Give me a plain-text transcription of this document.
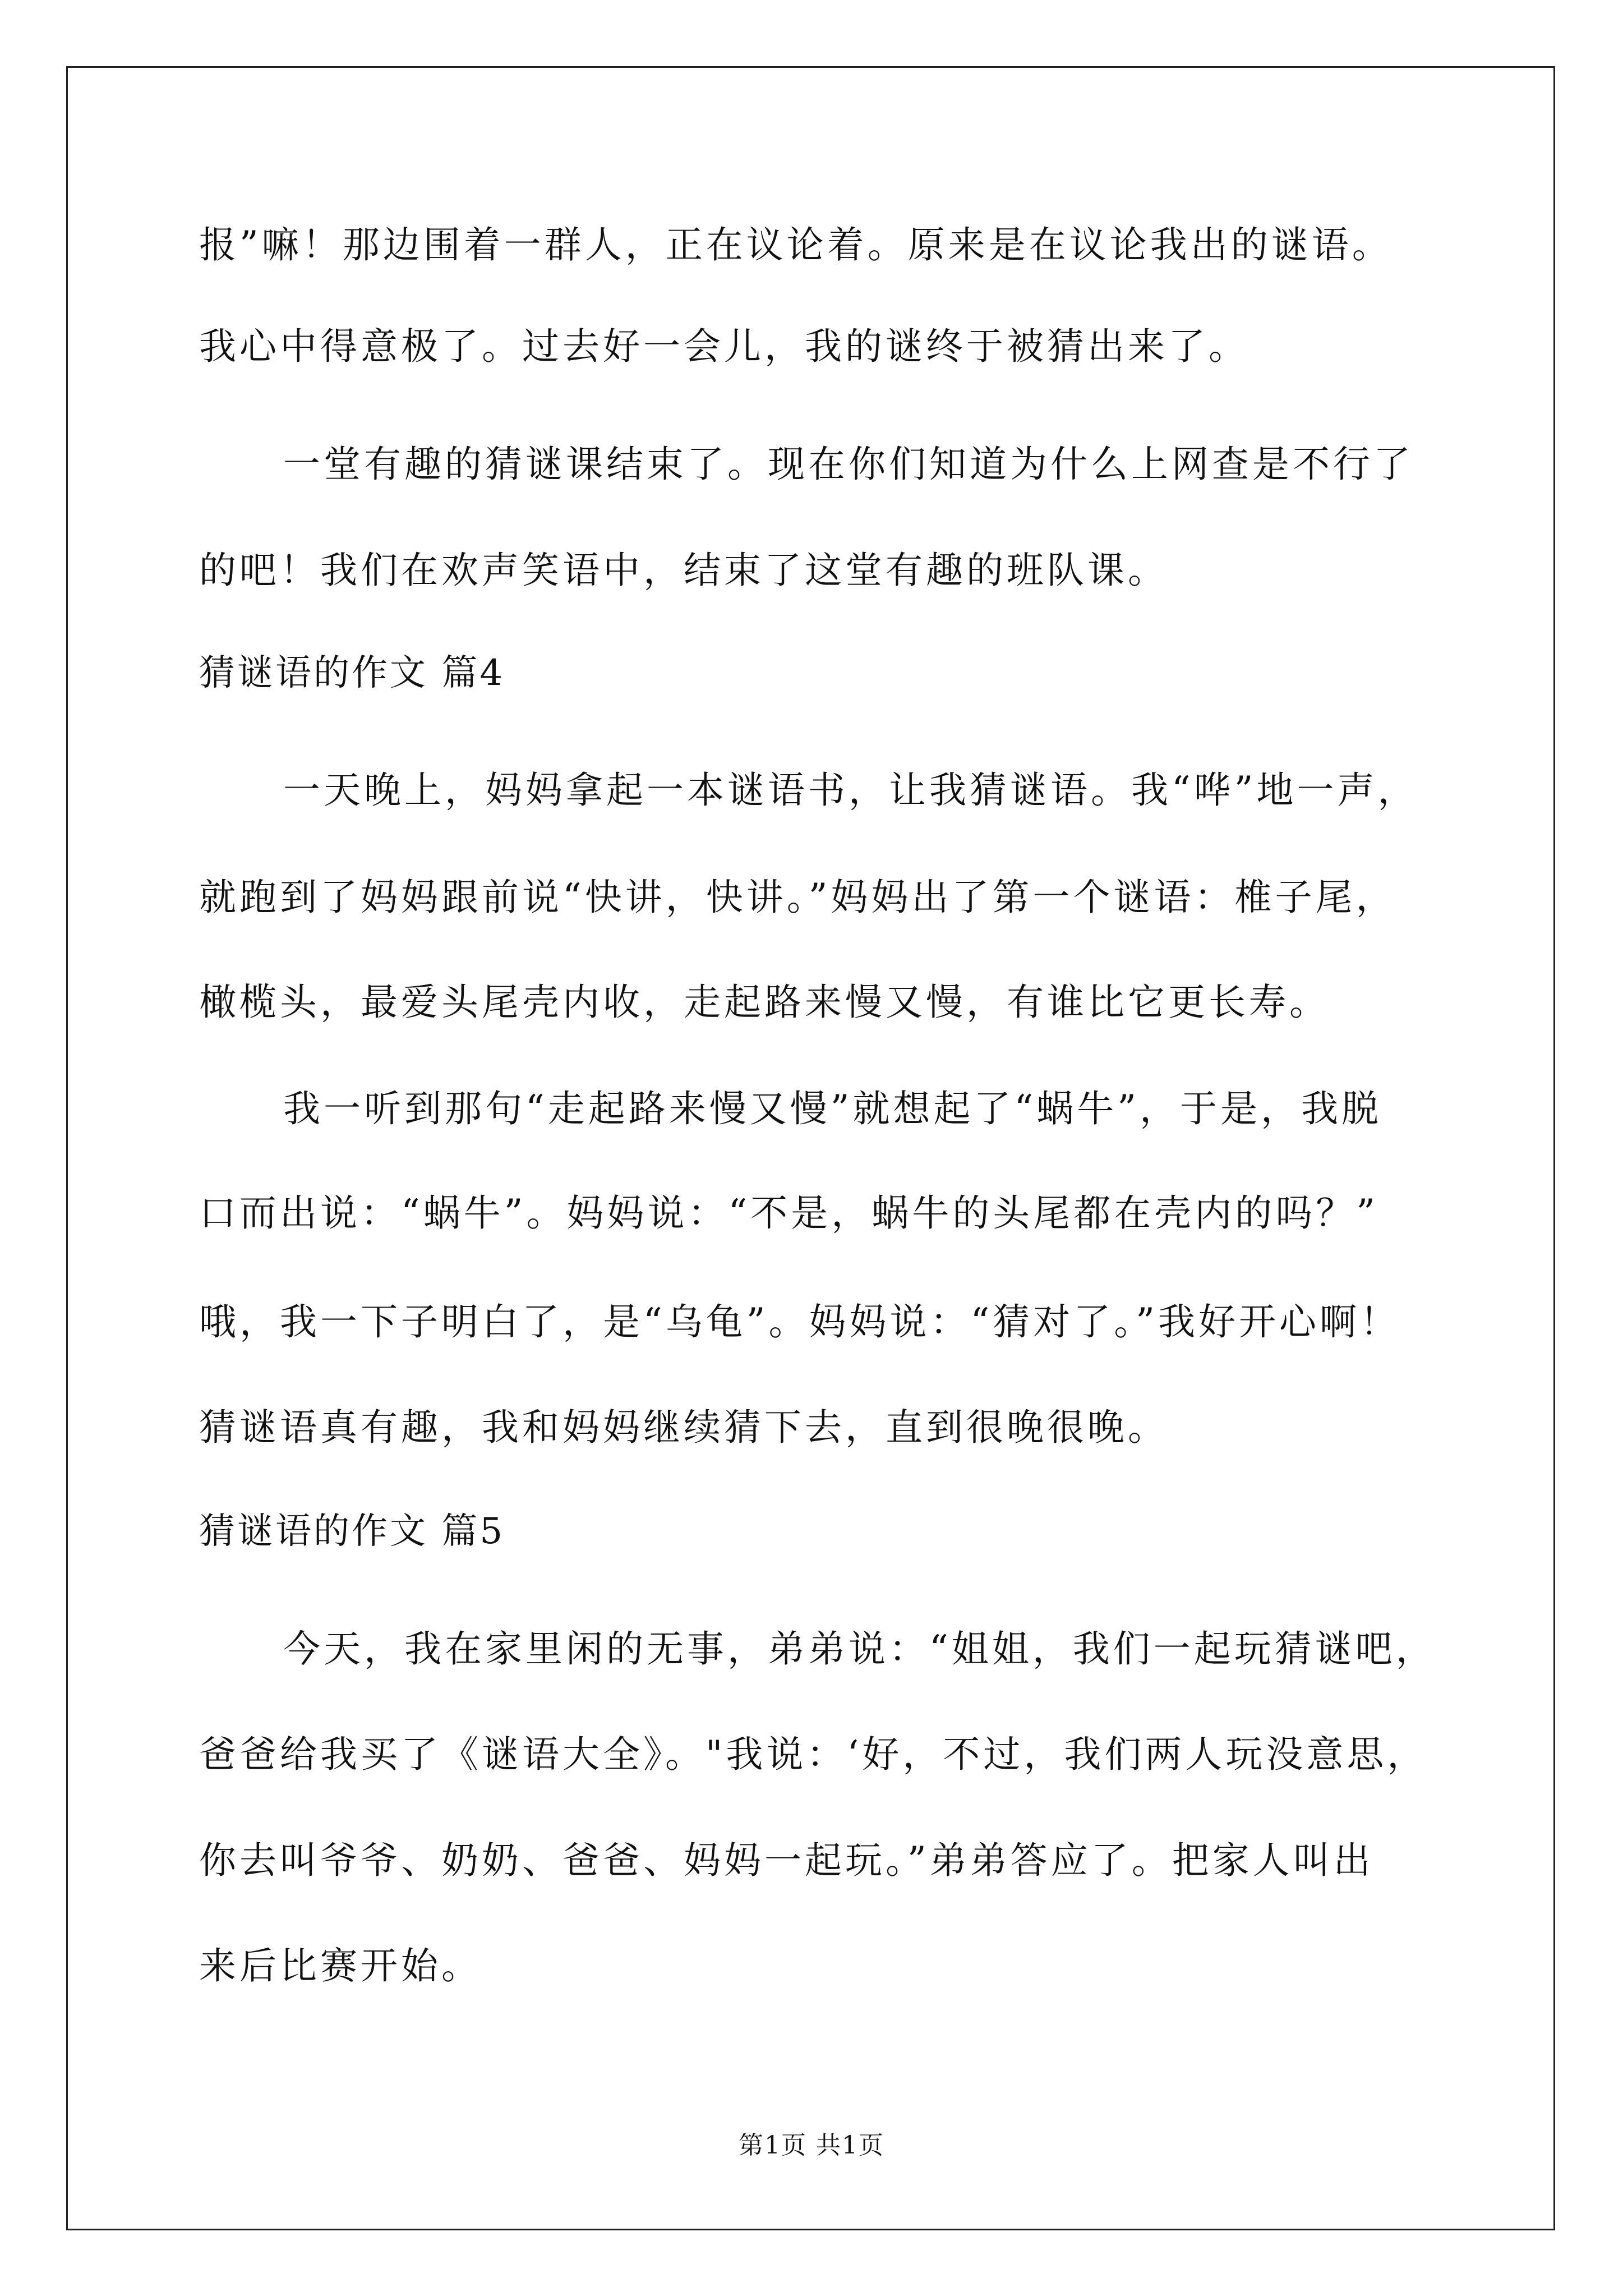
报”嘛！那边围着一群人，正在议论着。原来是在议论我出的谜语。
我心中得意极了。过去好一会儿，我的谜终于被猜出来了。
一堂有趣的猜谜课结束了。现在你们知道为什么上网查是不行了
的吧！我们在欢声笑语中，结束了这堂有趣的班队课。
猜谜语的作文 篇4
一天晚上，妈妈拿起一本谜语书，让我猜谜语。我“哗”地一声，
就跑到了妈妈跟前说“快讲，快讲。”妈妈出了第一个谜语：椎子尾，
橄榄头，最爱头尾壳内收，走起路来慢又慢，有谁比它更长寿。
我一听到那句“走起路来慢又慢”就想起了“蜗牛”，于是，我脱
口而出说：“蜗牛”。妈妈说：“不是，蜗牛的头尾都在壳内的吗？”
哦，我一下子明白了，是“乌龟”。妈妈说：“猜对了。”我好开心啊！
猜谜语真有趣，我和妈妈继续猜下去，直到很晚很晚。
猜谜语的作文 篇5
今天，我在家里闲的无事，弟弟说：“姐姐，我们一起玩猜谜吧，
爸爸给我买了《谜语大全》。"我说：‘好，不过，我们两人玩没意思，
你去叫爷爷、奶奶、爸爸、妈妈一起玩。”弟弟答应了。把家人叫出
来后比赛开始。
第1页 共1页
